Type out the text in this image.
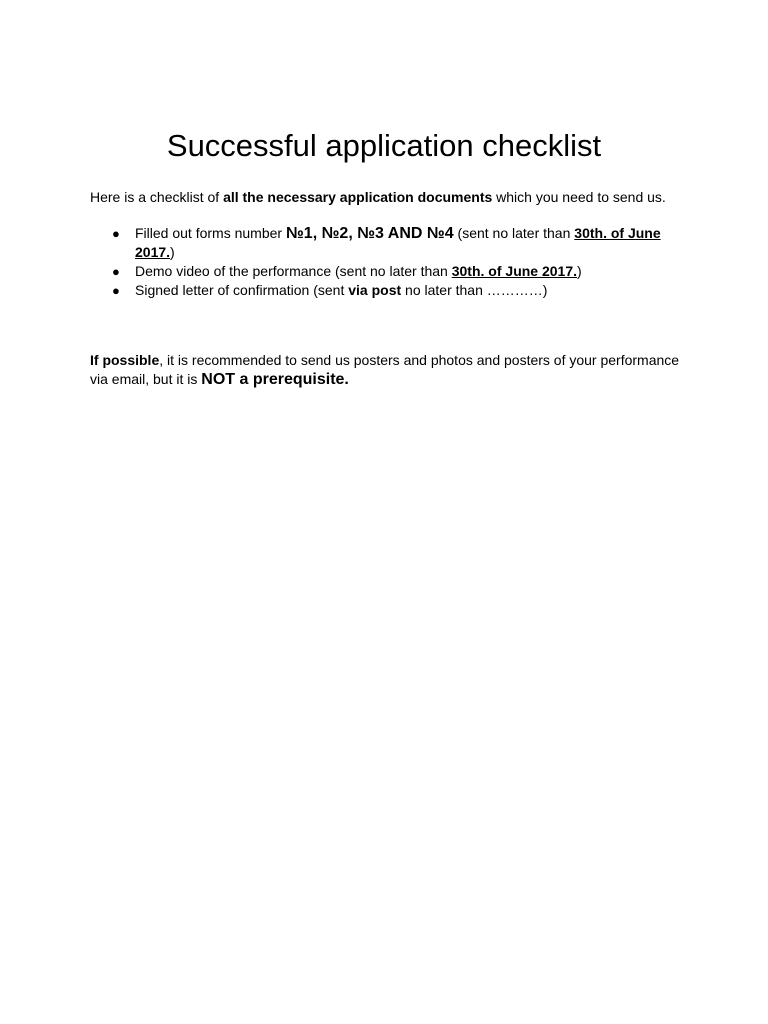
Successful application checklist

Here is a checklist of all the necessary application documents which you need to send us.

● Filled out forms number №1, №2, №3 AND №4 (sent no later than 30th. of June 2017.)
● Demo video of the performance (sent no later than 30th. of June 2017.)
● Signed letter of confirmation (sent via post no later than …………)

If possible, it is recommended to send us posters and photos and posters of your performance via email, but it is NOT a prerequisite.
